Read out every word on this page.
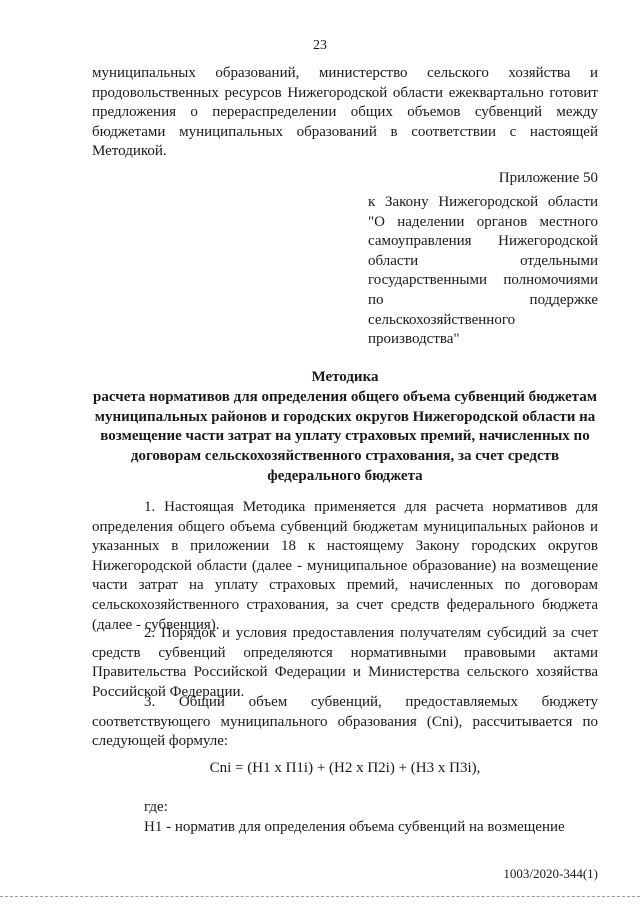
23

муниципальных образований, министерство сельского хозяйства и продовольственных ресурсов Нижегородской области ежеквартально готовит предложения о перераспределении общих объемов субвенций между бюджетами муниципальных образований в соответствии с настоящей Методикой.

Приложение 50

к Закону Нижегородской области "О наделении органов местного самоуправления Нижегородской области отдельными государственными полномочиями по поддержке сельскохозяйственного производства"

Методика
расчета нормативов для определения общего объема субвенций бюджетам муниципальных районов и городских округов Нижегородской области на возмещение части затрат на уплату страховых премий, начисленных по договорам сельскохозяйственного страхования, за счет средств федерального бюджета

1. Настоящая Методика применяется для расчета нормативов для определения общего объема субвенций бюджетам муниципальных районов и указанных в приложении 18 к настоящему Закону городских округов Нижегородской области (далее - муниципальное образование) на возмещение части затрат на уплату страховых премий, начисленных по договорам сельскохозяйственного страхования, за счет средств федерального бюджета (далее - субвенция).

2. Порядок и условия предоставления получателям субсидий за счет средств субвенций определяются нормативными правовыми актами Правительства Российской Федерации и Министерства сельского хозяйства Российской Федерации.

3. Общий объем субвенций, предоставляемых бюджету соответствующего муниципального образования (Cni), рассчитывается по следующей формуле:

Cni = (H1 x П1i) + (H2 x П2i) + (H3 x П3i),
где:

H1 - норматив для определения объема субвенций на возмещение

1003/2020-344(1)
